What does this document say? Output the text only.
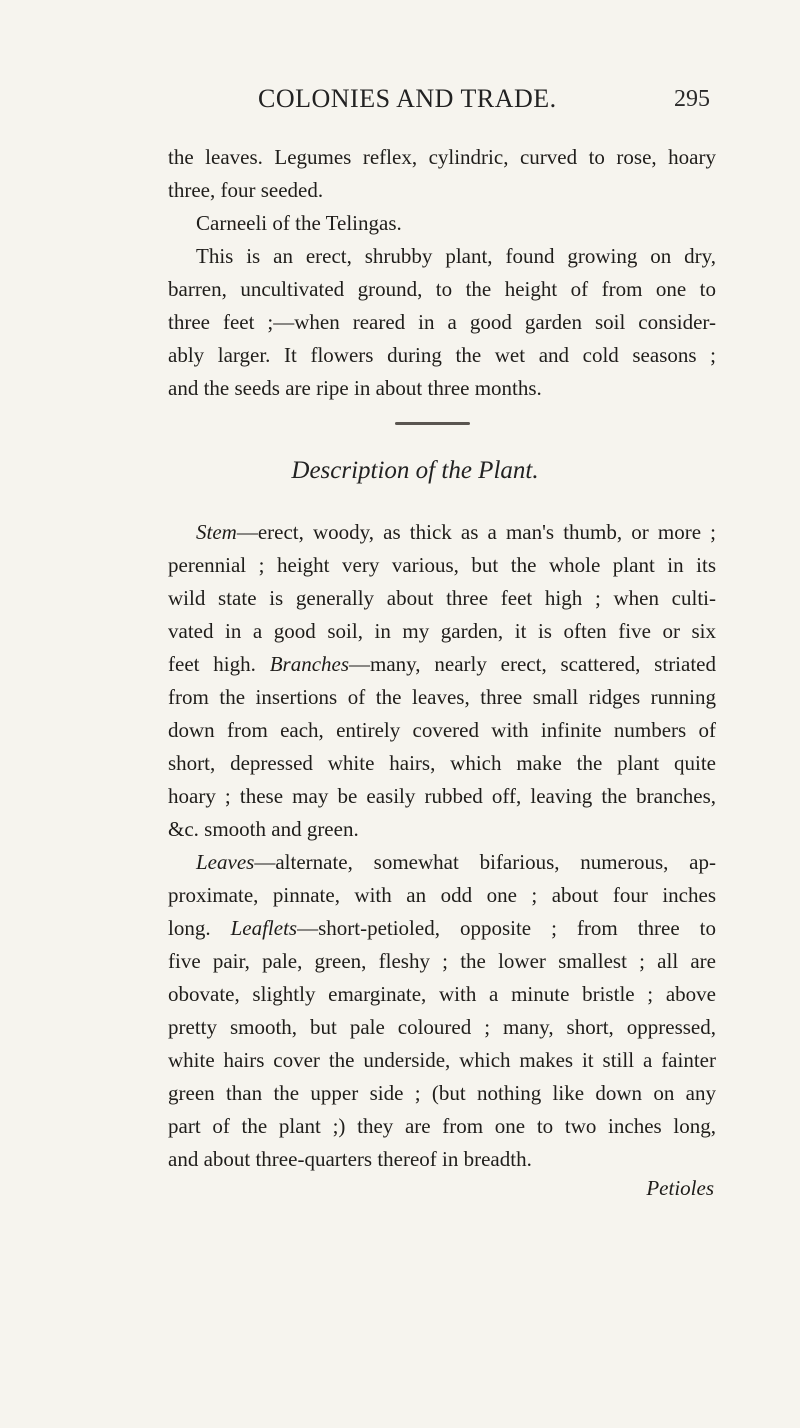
COLONIES AND TRADE.	295
the leaves. Legumes reflex, cylindric, curved to rose, hoary
three, four seeded.
Carneeli of the Telingas.
This is an erect, shrubby plant, found growing on dry,
barren, uncultivated ground, to the height of from one to
three feet ;—when reared in a good garden soil consider-
ably larger. It flowers during the wet and cold seasons ;
and the seeds are ripe in about three months.
Description of the Plant.
Stem—erect, woody, as thick as a man's thumb, or more ;
perennial ; height very various, but the whole plant in its
wild state is generally about three feet high ; when culti-
vated in a good soil, in my garden, it is often five or six
feet high. Branches—many, nearly erect, scattered, striated
from the insertions of the leaves, three small ridges running
down from each, entirely covered with infinite numbers of
short, depressed white hairs, which make the plant quite
hoary ; these may be easily rubbed off, leaving the branches,
&c. smooth and green.
Leaves—alternate, somewhat bifarious, numerous, ap-
proximate, pinnate, with an odd one ; about four inches
long. Leaflets—short-petioled, opposite ; from three to
five pair, pale, green, fleshy ; the lower smallest ; all are
obovate, slightly emarginate, with a minute bristle ; above
pretty smooth, but pale coloured ; many, short, oppressed,
white hairs cover the underside, which makes it still a fainter
green than the upper side ; (but nothing like down on any
part of the plant ;) they are from one to two inches long,
and about three-quarters thereof in breadth.
Petioles
